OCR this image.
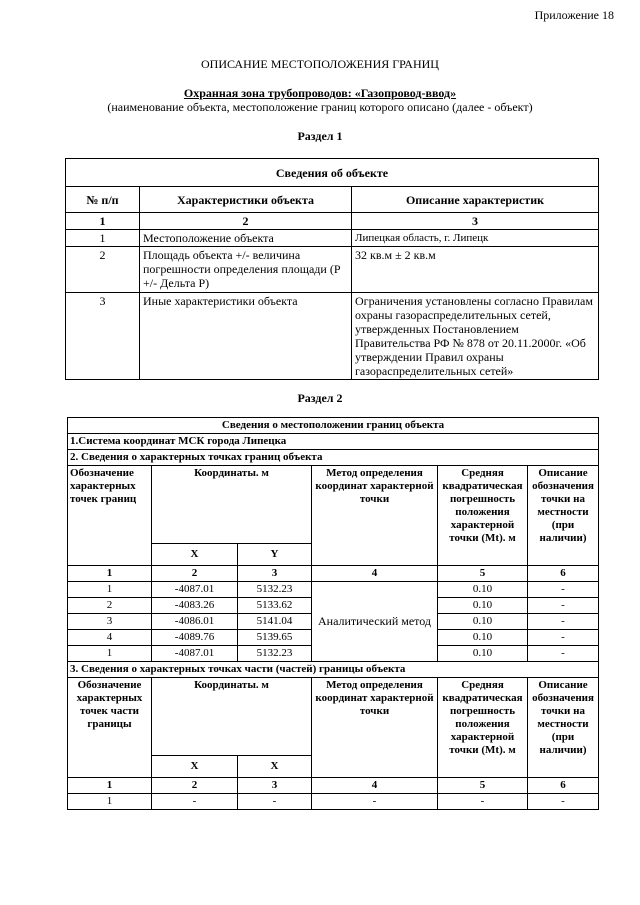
Приложение 18
ОПИСАНИЕ МЕСТОПОЛОЖЕНИЯ ГРАНИЦ
Охранная зона трубопроводов: «Газопровод-ввод»
(наименование объекта, местоположение границ которого описано (далее - объект)
Раздел 1
Сведения об объекте		
№ п/п	Характеристики объекта	Описание характеристик
1	2	3
1	Местоположение объекта	Липецкая область, г. Липецк
2	Площадь объекта +/- величина погрешности определения площади (Р +/- Дельта Р)	32 кв.м ± 2 кв.м
3	Иные характеристики объекта	Ограничения установлены согласно Правилам охраны газораспределительных сетей, утвержденных Постановлением Правительства РФ № 878 от 20.11.2000г. «Об утверждении Правил охраны газораспределительных сетей»
Раздел 2
Сведения о местоположении границ объекта					
1.Система координат МСК города Липецка					
2. Сведения о характерных точках границ объекта					
Обозначение характерных точек границ	Координаты. м		Метод определения координат характерной точки	Средняя квадратическая погрешность положения характерной точки (Mt). м	Описание обозначения точки на местности (при наличии)
	X	Y			
1	2	3	4	5	6
1	-4087.01	5132.23	Аналитический метод	0.10	-
2	-4083.26	5133.62		0.10	-
3	-4086.01	5141.04		0.10	-
4	-4089.76	5139.65		0.10	-
1	-4087.01	5132.23		0.10	-
3. Сведения о характерных точках части (частей) границы объекта					
Обозначение характерных точек части границы	Координаты. м		Метод определения координат характерной точки	Средняя квадратическая погрешность положения характерной точки (Mt). м	Описание обозначения точки на местности (при наличии)
	X	X			
1	2	3	4	5	6
1	-	-	-	-	-
